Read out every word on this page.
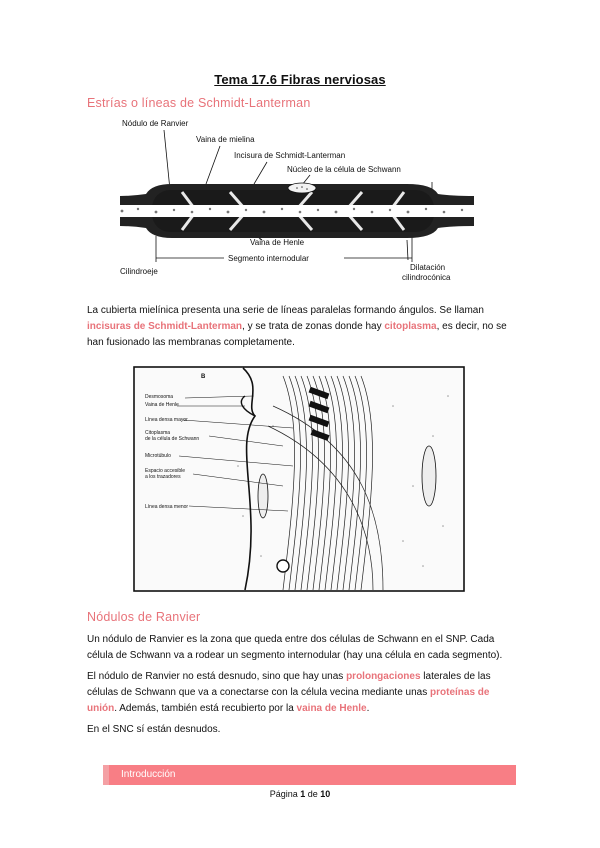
Tema 17.6 Fibras nerviosas
Estrías o líneas de Schmidt-Lanterman
Nódulo de Ranvier
Vaina de mielina
Incisura de Schmidt-Lanterman
Núcleo de la célula de Schwann
Vaina de Henle
Segmento internodular
Cilindroeje	Dilatación
cilindrocónica
La cubierta mielínica presenta una serie de líneas paralelas formando ángulos. Se llaman incisuras de Schmidt-Lanterman, y se trata de zonas donde hay citoplasma, es decir, no se han fusionado las membranas completamente.
Desmosoma
Vaina de Henle
Línea densa mayor
Citoplasma
de la célula de Schwann
Microtúbulo
Espacio accesible
a los trazadores
Línea densa menor
B
Nódulos de Ranvier
Un nódulo de Ranvier es la zona que queda entre dos células de Schwann en el SNP. Cada célula de Schwann va a rodear un segmento internodular (hay una célula en cada segmento).
El nódulo de Ranvier no está desnudo, sino que hay unas prolongaciones laterales de las células de Schwann que va a conectarse con la célula vecina mediante unas proteínas de unión. Además, también está recubierto por la vaina de Henle.
En el SNC sí están desnudos.
Introducción
Página 1 de 10
